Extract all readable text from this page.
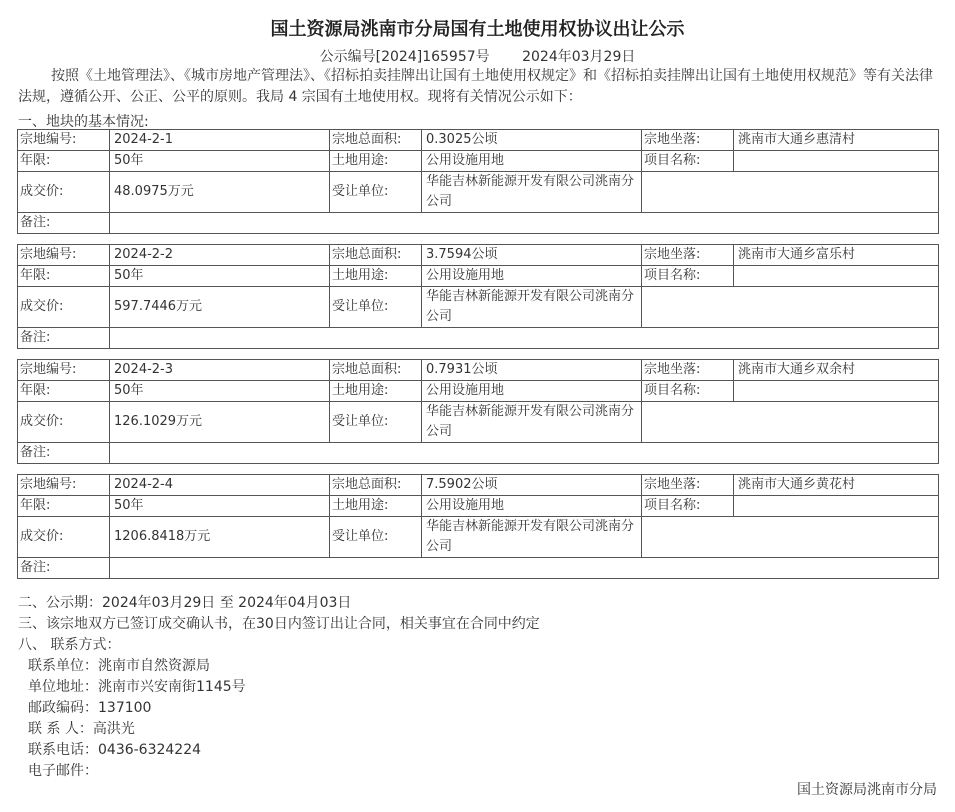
国土资源局洮南市分局国有土地使用权协议出让公示
公示编号[2024]165957号 2024年03月29日
按照《土地管理法》、《城市房地产管理法》、《招标拍卖挂牌出让国有土地使用权规定》和《招标拍卖挂牌出让国有土地使用权规范》等有关法律法规，遵循公开、公正、公平的原则。我局 4 宗国有土地使用权。现将有关情况公示如下：
一、地块的基本情况:
宗地编号:	2024-2-1	宗地总面积:	0.3025公顷	宗地坐落:	洮南市大通乡惠清村
年限:	50年	土地用途:	公用设施用地	项目名称:	
成交价:	48.0975万元	受让单位:	华能吉林新能源开发有限公司洮南分公司		
备注:					
宗地编号:	2024-2-2	宗地总面积:	3.7594公顷	宗地坐落:	洮南市大通乡富乐村
年限:	50年	土地用途:	公用设施用地	项目名称:	
成交价:	597.7446万元	受让单位:	华能吉林新能源开发有限公司洮南分公司		
备注:					
宗地编号:	2024-2-3	宗地总面积:	0.7931公顷	宗地坐落:	洮南市大通乡双余村
年限:	50年	土地用途:	公用设施用地	项目名称:	
成交价:	126.1029万元	受让单位:	华能吉林新能源开发有限公司洮南分公司		
备注:					
宗地编号:	2024-2-4	宗地总面积:	7.5902公顷	宗地坐落:	洮南市大通乡黄花村
年限:	50年	土地用途:	公用设施用地	项目名称:	
成交价:	1206.8418万元	受让单位:	华能吉林新能源开发有限公司洮南分公司		
备注:					
二、公示期：2024年03月29日 至 2024年04月03日
三、该宗地双方已签订成交确认书，在30日内签订出让合同，相关事宜在合同中约定
八、 联系方式：
联系单位：洮南市自然资源局
单位地址：洮南市兴安南街1145号
邮政编码：137100
联 系 人：高洪光
联系电话：0436-6324224
电子邮件：
国土资源局洮南市分局
